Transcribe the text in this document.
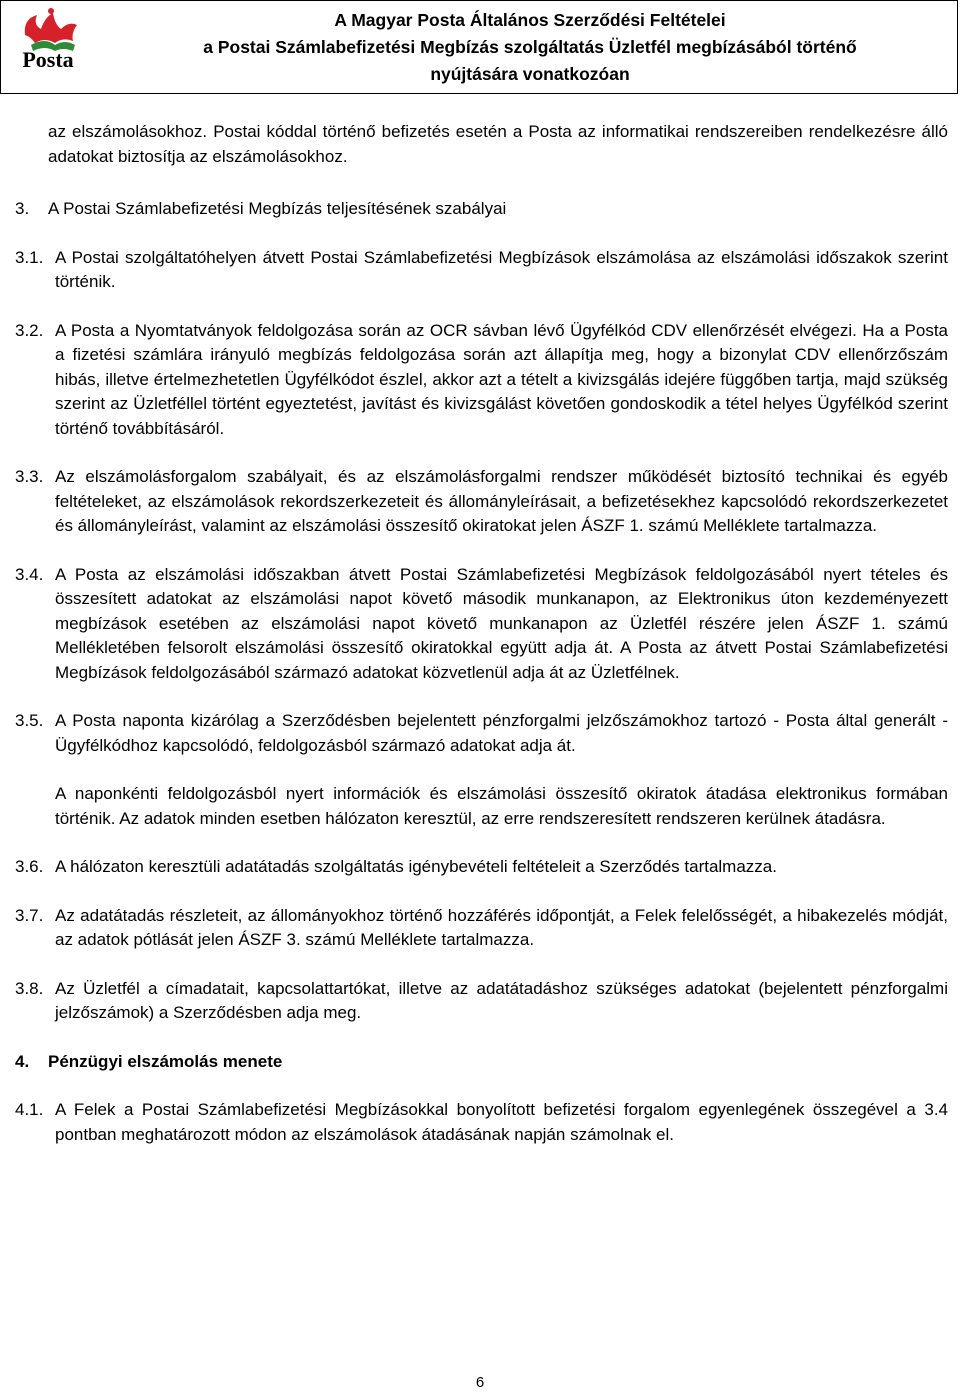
Posta
A Magyar Posta Általános Szerződési Feltételei
a Postai Számlabefizetési Megbízás szolgáltatás Üzletfél megbízásából történő
nyújtására vonatkozóan

az elszámolásokhoz. Postai kóddal történő befizetés esetén a Posta az informatikai rendszereiben rendelkezésre álló adatokat biztosítja az elszámolásokhoz.

3. A Postai Számlabefizetési Megbízás teljesítésének szabályai

3.1. A Postai szolgáltatóhelyen átvett Postai Számlabefizetési Megbízások elszámolása az elszámolási időszakok szerint történik.

3.2. A Posta a Nyomtatványok feldolgozása során az OCR sávban lévő Ügyfélkód CDV ellenőrzését elvégezi. Ha a Posta a fizetési számlára irányuló megbízás feldolgozása során azt állapítja meg, hogy a bizonylat CDV ellenőrzőszám hibás, illetve értelmezhetetlen Ügyfélkódot észlel, akkor azt a tételt a kivizsgálás idejére függőben tartja, majd szükség szerint az Üzletféllel történt egyeztetést, javítást és kivizsgálást követően gondoskodik a tétel helyes Ügyfélkód szerint történő továbbításáról.

3.3. Az elszámolásforgalom szabályait, és az elszámolásforgalmi rendszer működését biztosító technikai és egyéb feltételeket, az elszámolások rekordszerkezeteit és állományleírásait, a befizetésekhez kapcsolódó rekordszerkezetet és állományleírást, valamint az elszámolási összesítő okiratokat jelen ÁSZF 1. számú Melléklete tartalmazza.

3.4. A Posta az elszámolási időszakban átvett Postai Számlabefizetési Megbízások feldolgozásából nyert tételes és összesített adatokat az elszámolási napot követő második munkanapon, az Elektronikus úton kezdeményezett megbízások esetében az elszámolási napot követő munkanapon az Üzletfél részére jelen ÁSZF 1. számú Mellékletében felsorolt elszámolási összesítő okiratokkal együtt adja át. A Posta az átvett Postai Számlabefizetési Megbízások feldolgozásából származó adatokat közvetlenül adja át az Üzletfélnek.

3.5. A Posta naponta kizárólag a Szerződésben bejelentett pénzforgalmi jelzőszámokhoz tartozó - Posta által generált - Ügyfélkódhoz kapcsolódó, feldolgozásból származó adatokat adja át.

A naponkénti feldolgozásból nyert információk és elszámolási összesítő okiratok átadása elektronikus formában történik. Az adatok minden esetben hálózaton keresztül, az erre rendszeresített rendszeren kerülnek átadásra.

3.6. A hálózaton keresztüli adatátadás szolgáltatás igénybevételi feltételeit a Szerződés tartalmazza.

3.7. Az adatátadás részleteit, az állományokhoz történő hozzáférés időpontját, a Felek felelősségét, a hibakezelés módját, az adatok pótlását jelen ÁSZF 3. számú Melléklete tartalmazza.

3.8. Az Üzletfél a címadatait, kapcsolattartókat, illetve az adatátadáshoz szükséges adatokat (bejelentett pénzforgalmi jelzőszámok) a Szerződésben adja meg.

4. Pénzügyi elszámolás menete

4.1. A Felek a Postai Számlabefizetési Megbízásokkal bonyolított befizetési forgalom egyenlegének összegével a 3.4 pontban meghatározott módon az elszámolások átadásának napján számolnak el.

6
